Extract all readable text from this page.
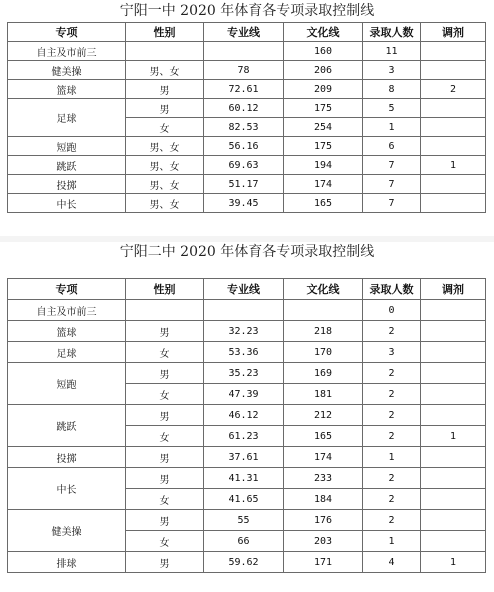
宁阳一中 2020 年体育各专项录取控制线
专项	性别	专业线	文化线	录取人数	调剂
自主及市前三			160	11	
健美操	男、女	78	206	3	
篮球	男	72.61	209	8	2
足球	男	60.12	175	5	
	女	82.53	254	1	
短跑	男、女	56.16	175	6	
跳跃	男、女	69.63	194	7	1
投掷	男、女	51.17	174	7	
中长	男、女	39.45	165	7	
宁阳二中 2020 年体育各专项录取控制线
专项	性别	专业线	文化线	录取人数	调剂
自主及市前三				0	
篮球	男	32.23	218	2	
足球	女	53.36	170	3	
短跑	男	35.23	169	2	
	女	47.39	181	2	
跳跃	男	46.12	212	2	
	女	61.23	165	2	1
投掷	男	37.61	174	1	
中长	男	41.31	233	2	
	女	41.65	184	2	
健美操	男	55	176	2	
	女	66	203	1	
排球	男	59.62	171	4	1
